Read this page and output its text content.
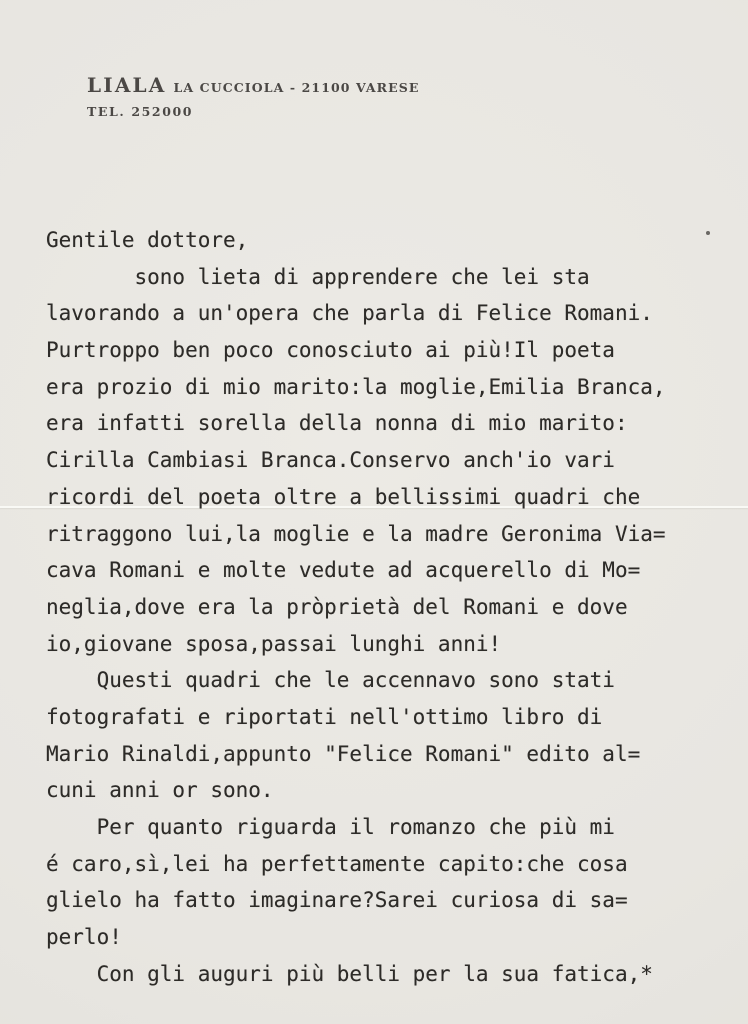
LIALA LA CUCCIOLA - 21100 VARESE
TEL. 252000
Gentile dottore,
sono lieta di apprendere che lei sta
lavorando a un'opera che parla di Felice Romani.
Purtroppo ben poco conosciuto ai più!Il poeta
era prozio di mio marito:la moglie,Emilia Branca,
era infatti sorella della nonna di mio marito:
Cirilla Cambiasi Branca.Conservo anch'io vari
ricordi del poeta oltre a bellissimi quadri che
ritraggono lui,la moglie e la madre Geronima Via=
cava Romani e molte vedute ad acquerello di Mo=
neglia,dove era la pròprietà del Romani e dove
io,giovane sposa,passai lunghi anni!
Questi quadri che le accennavo sono stati
fotografati e riportati nell'ottimo libro di
Mario Rinaldi,appunto "Felice Romani" edito al=
cuni anni or sono.
Per quanto riguarda il romanzo che più mi
é caro,sì,lei ha perfettamente capito:che cosa
glielo ha fatto imaginare?Sarei curiosa di sa=
perlo!
Con gli auguri più belli per la sua fatica,*
